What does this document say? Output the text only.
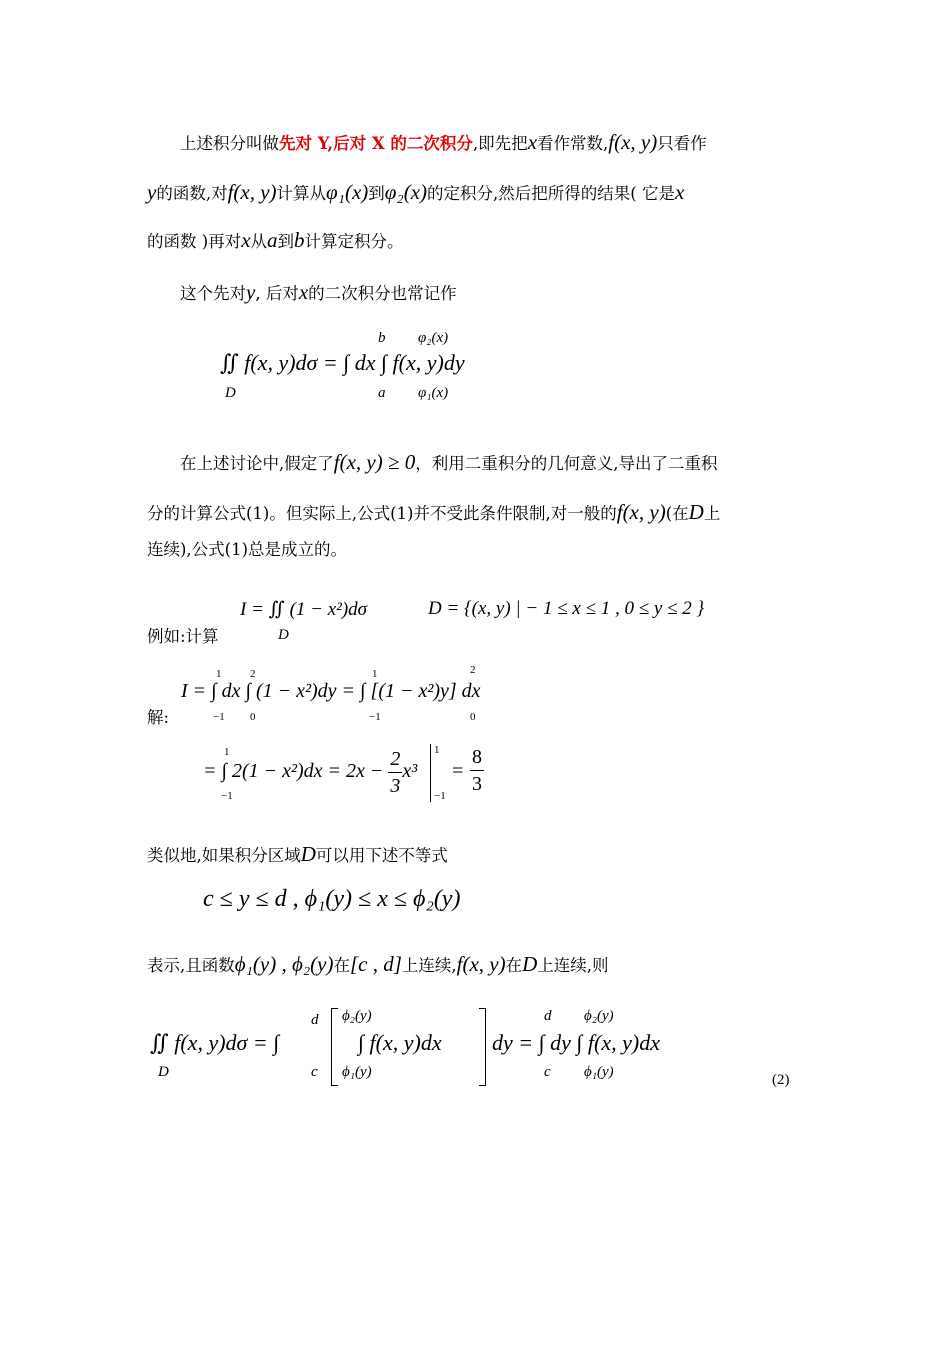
上述积分叫做先对 Y,后对 X 的二次积分,即先把x看作常数,f(x, y)只看作
y的函数,对f(x, y)计算从φ₁(x)到φ₂(x)的定积分,然后把所得的结果( 它是x
的函数 )再对x从a到b计算定积分。
这个先对y, 后对x的二次积分也常记作
b φ₂(x)
∬ f(x, y)dσ = ∫ dx ∫ f(x, y)dy
D	a φ₁(x)
在上述讨论中,假定了f(x, y) ≥ 0，利用二重积分的几何意义,导出了二重积
分的计算公式(1)。但实际上,公式(1)并不受此条件限制,对一般的f(x, y)(在D上
连续),公式(1)总是成立的。
I = ∬ (1 − x²)dσ	D = {(x, y) | − 1 ≤ x ≤ 1 , 0 ≤ y ≤ 2 }
D
例如:计算
解:
I = ∫ dx ∫ (1 − x²)dy = ∫ [(1 − x²)y] dx
1
−1
2
0
1
−1
2
0
= ∫ $2(1 - x^2)dx = 2x - \frac{2}{3} x^3$
1
−1
1
−1
= $\frac{8}{3}$
类似地,如果积分区域D可以用下述不等式
c ≤ y ≤ d , ϕ₁(y) ≤ x ≤ ϕ₂(y)
表示,且函数ϕ₁(y) , ϕ₂(y)在[c , d]上连续,f(x, y)在D上连续,则
∬ f(x, y)dσ = ∫
D
d
c
ϕ₂(y)
∫ f(x, y)dx
ϕ₁(y)
dy = ∫ dy ∫ f(x, y)dx
d
c
ϕ₂(y)
ϕ₁(y)	(2)
